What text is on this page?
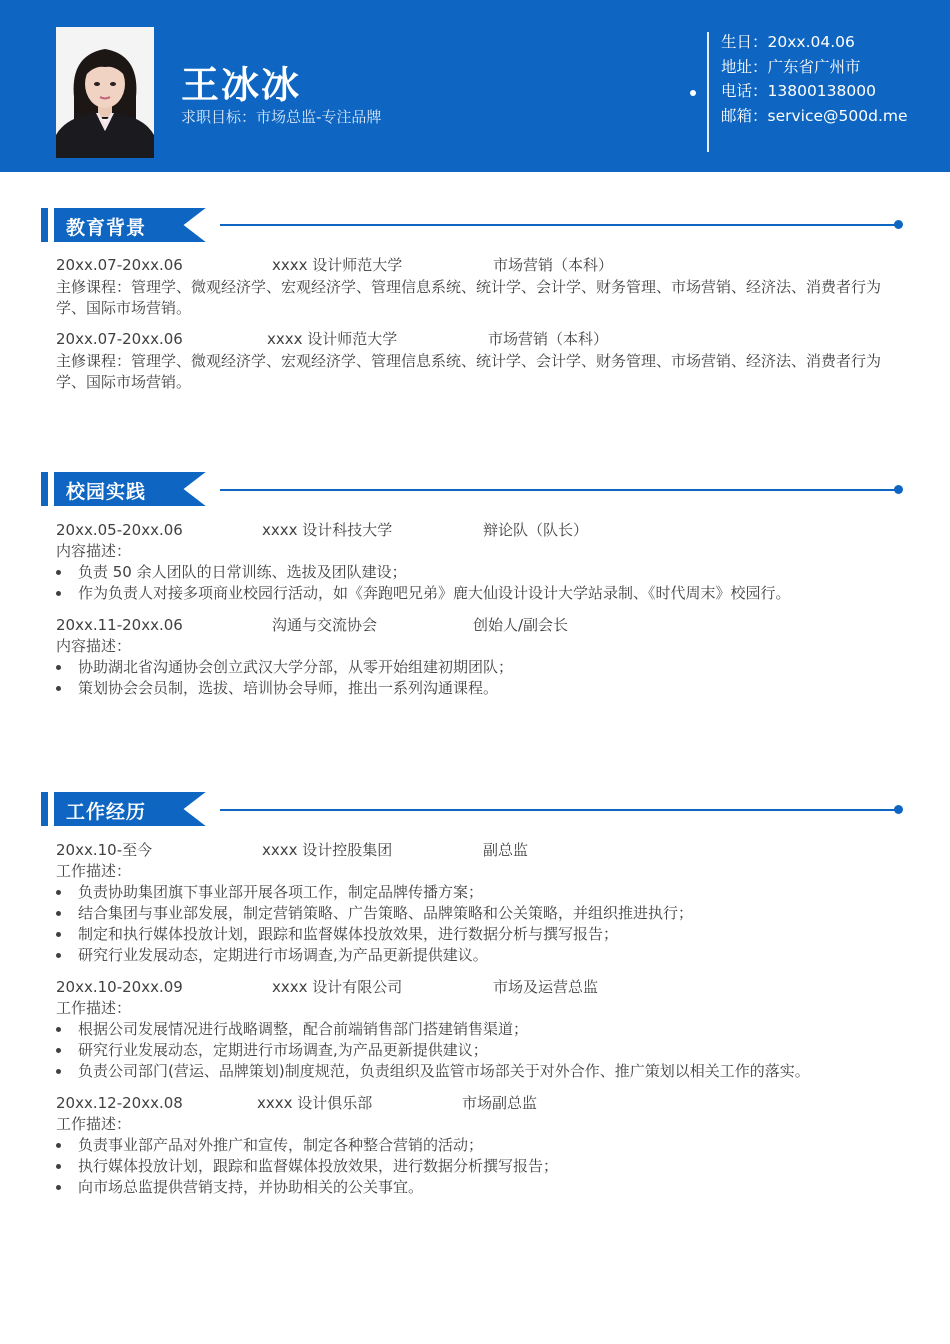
王冰冰
求职目标：市场总监-专注品牌
生日：20xx.04.06
地址：广东省广州市
电话：13800138000
邮箱：service@500d.me
教育背景
20xx.07-20xx.06	xxxx 设计师范大学	市场营销（本科）
主修课程：管理学、微观经济学、宏观经济学、管理信息系统、统计学、会计学、财务管理、市场营销、经济法、消费者行为学、国际市场营销。
20xx.07-20xx.06	xxxx 设计师范大学	市场营销（本科）
主修课程：管理学、微观经济学、宏观经济学、管理信息系统、统计学、会计学、财务管理、市场营销、经济法、消费者行为学、国际市场营销。
校园实践
20xx.05-20xx.06	xxxx 设计科技大学	辩论队（队长）
内容描述：
负责 50 余人团队的日常训练、选拔及团队建设；
作为负责人对接多项商业校园行活动，如《奔跑吧兄弟》鹿大仙设计设计大学站录制、《时代周末》校园行。
20xx.11-20xx.06	沟通与交流协会	创始人/副会长
内容描述：
协助湖北省沟通协会创立武汉大学分部，从零开始组建初期团队；
策划协会会员制，选拔、培训协会导师，推出一系列沟通课程。
工作经历
20xx.10-至今	xxxx 设计控股集团	副总监
工作描述：
负责协助集团旗下事业部开展各项工作，制定品牌传播方案；
结合集团与事业部发展，制定营销策略、广告策略、品牌策略和公关策略，并组织推进执行；
制定和执行媒体投放计划，跟踪和监督媒体投放效果，进行数据分析与撰写报告；
研究行业发展动态，定期进行市场调查,为产品更新提供建议。
20xx.10-20xx.09	xxxx 设计有限公司	市场及运营总监
工作描述：
根据公司发展情况进行战略调整，配合前端销售部门搭建销售渠道；
研究行业发展动态，定期进行市场调查,为产品更新提供建议；
负责公司部门(营运、品牌策划)制度规范，负责组织及监管市场部关于对外合作、推广策划以相关工作的落实。
20xx.12-20xx.08	xxxx 设计俱乐部	市场副总监
工作描述：
负责事业部产品对外推广和宣传，制定各种整合营销的活动；
执行媒体投放计划，跟踪和监督媒体投放效果，进行数据分析撰写报告；
向市场总监提供营销支持，并协助相关的公关事宜。
